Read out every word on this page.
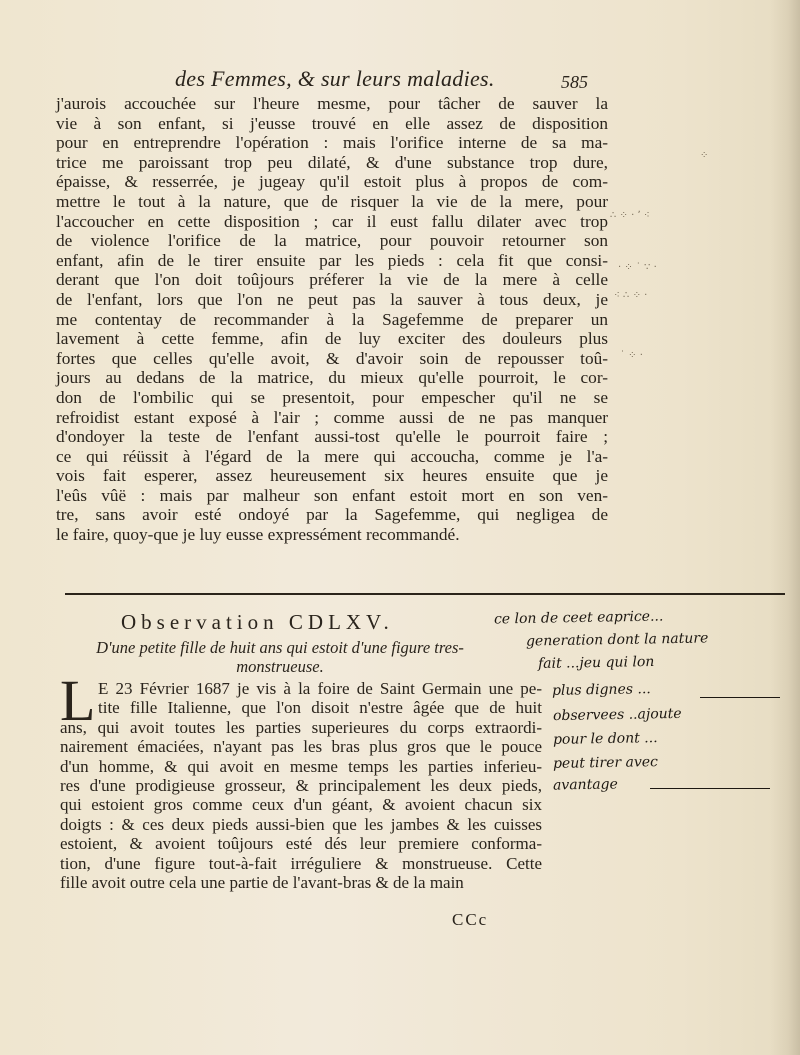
des Femmes, & sur leurs maladies.	585
j'aurois accouchée sur l'heure mesme, pour tâcher de sauver la
vie à son enfant, si j'eusse trouvé en elle assez de disposition
pour en entreprendre l'opération : mais l'orifice interne de sa ma-
trice me paroissant trop peu dilaté, & d'une substance trop dure,
épaisse, & resserrée, je jugeay qu'il estoit plus à propos de com-
mettre le tout à la nature, que de risquer la vie de la mere, pour
l'accoucher en cette disposition ; car il eust fallu dilater avec trop
de violence l'orifice de la matrice, pour pouvoir retourner son
enfant, afin de le tirer ensuite par les pieds : cela fit que consi-
derant que l'on doit toûjours préferer la vie de la mere à celle
de l'enfant, lors que l'on ne peut pas la sauver à tous deux, je
me contentay de recommander à la Sagefemme de preparer un
lavement à cette femme, afin de luy exciter des douleurs plus
fortes que celles qu'elle avoit, & d'avoir soin de repousser toû-
jours au dedans de la matrice, du mieux qu'elle pourroit, le cor-
don de l'ombilic qui se presentoit, pour empescher qu'il ne se
refroidist estant exposé à l'air ; comme aussi de ne pas manquer
d'ondoyer la teste de l'enfant aussi-tost qu'elle le pourroit faire ;
ce qui réüssit à l'égard de la mere qui accoucha, comme je l'a-
vois fait esperer, assez heureusement six heures ensuite que je
l'eûs vûë : mais par malheur son enfant estoit mort en son ven-
tre, sans avoir esté ondoyé par la Sagefemme, qui negligea de
le faire, quoy-que je luy eusse expressément recommandé.
Observation CDLXV.
D'une petite fille de huit ans qui estoit d'une figure tres-
monstrueuse.
L E 23 Février 1687 je vis à la foire de Saint Germain une pe-
tite fille Italienne, que l'on disoit n'estre âgée que de huit
ans, qui avoit toutes les parties superieures du corps extraordi-
nairement émaciées, n'ayant pas les bras plus gros que le pouce
d'un homme, & qui avoit en mesme temps les parties inferieu-
res d'une prodigieuse grosseur, & principalement les deux pieds,
qui estoient gros comme ceux d'un géant, & avoient chacun six
doigts : & ces deux pieds aussi-bien que les jambes & les cuisses
estoient, & avoient toûjours esté dés leur premiere conforma-
tion, d'une figure tout-à-fait irréguliere & monstrueuse. Cette
fille avoit outre cela une partie de l'avant-bras & de la main
CCc
ce lon de ceet eaprice...
generation dont la nature
fait ...jeu qui lon
plus dignes ...
observees ..ajoute
pour le dont ...
peut tirer avec
avantage
∴ ⁘ · ՚ ⁖
· ⁘ ˙ ∵ ·
⁖ ∴ ⁘ ·
˙ ⁘ ·
⁘
